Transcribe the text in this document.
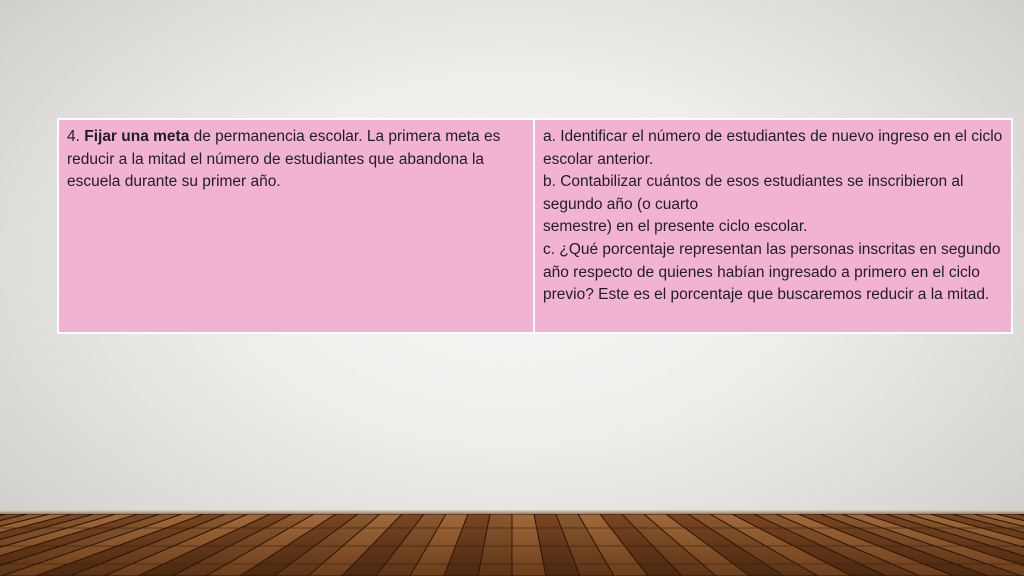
4. Fijar una meta de permanencia escolar. La primera meta es reducir a la mitad el número de estudiantes que abandona la escuela durante su primer año.

a. Identificar el número de estudiantes de nuevo ingreso en el ciclo escolar anterior.
b. Contabilizar cuántos de esos estudiantes se inscribieron al segundo año (o cuarto
semestre) en el presente ciclo escolar.
c. ¿Qué porcentaje representan las personas inscritas en segundo año respecto de quienes habían ingresado a primero en el ciclo previo? Este es el porcentaje que buscaremos reducir a la mitad.
